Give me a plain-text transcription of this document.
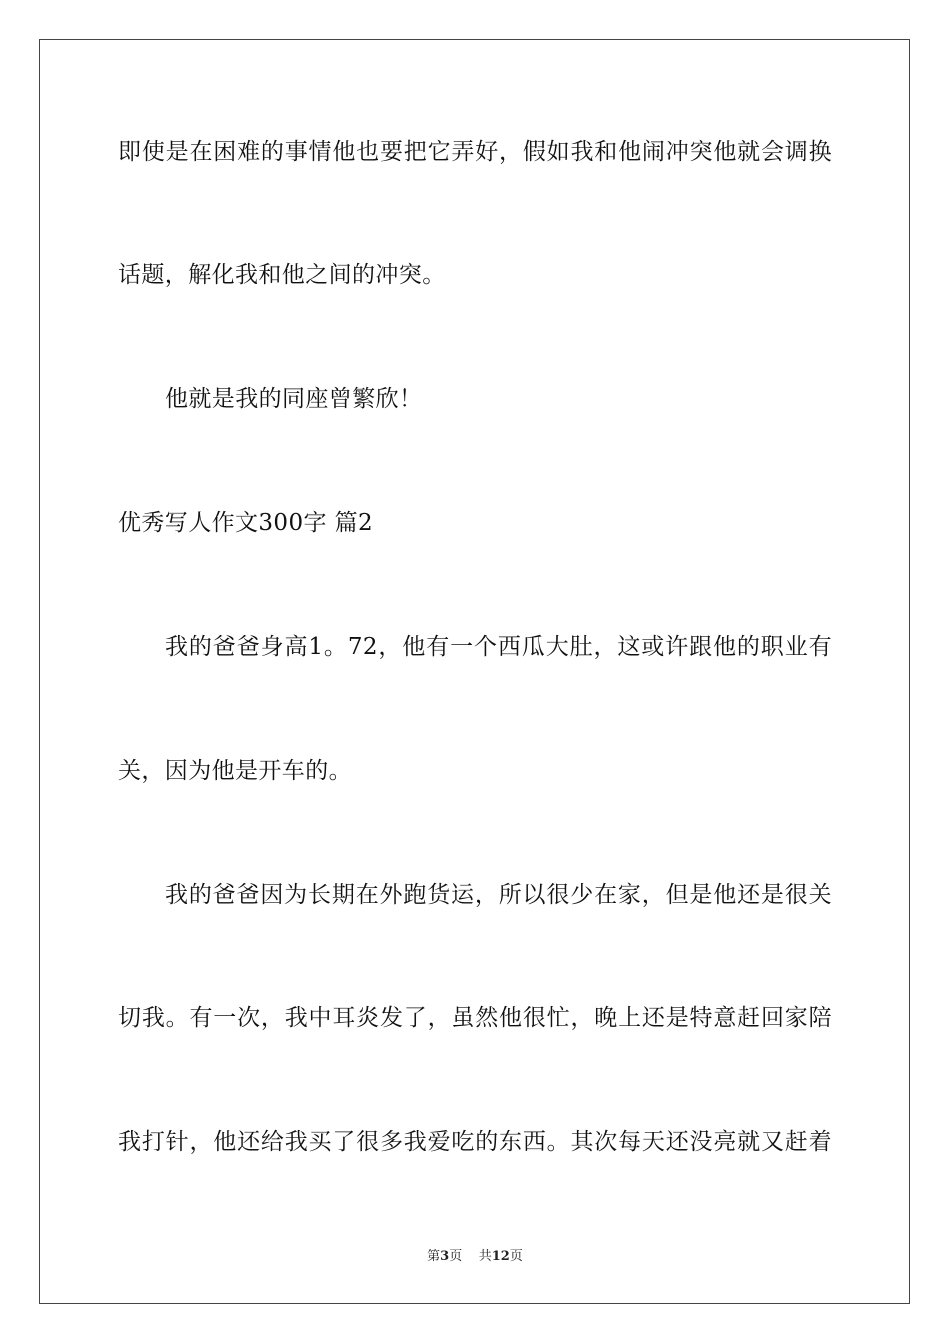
即使是在困难的事情他也要把它弄好，假如我和他闹冲突他就会调换
话题，解化我和他之间的冲突。
他就是我的同座曾繁欣！
优秀写人作文300字 篇2
我的爸爸身高1。72，他有一个西瓜大肚，这或许跟他的职业有
关，因为他是开车的。
我的爸爸因为长期在外跑货运，所以很少在家，但是他还是很关
切我。有一次，我中耳炎发了，虽然他很忙，晚上还是特意赶回家陪
我打针，他还给我买了很多我爱吃的东西。其次每天还没亮就又赶着
第3页    共12页
